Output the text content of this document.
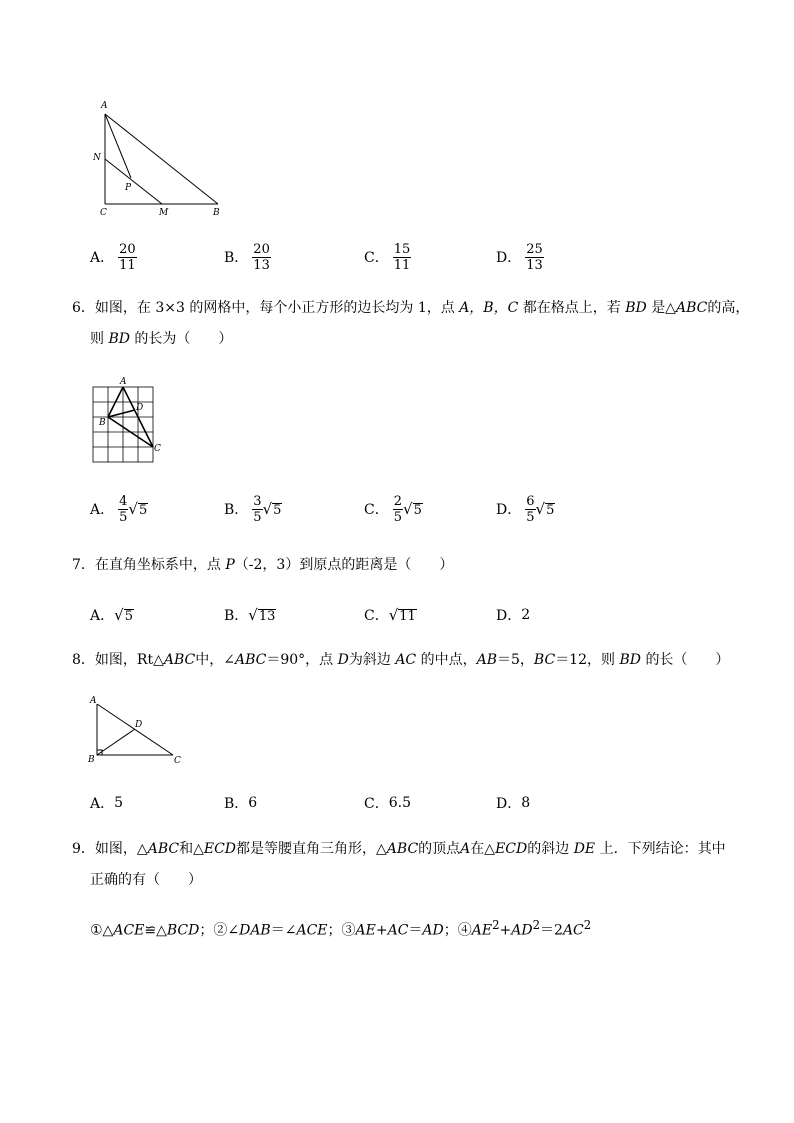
A
N
P
C	M	B
A． $\frac{20}{11}$	B． $\frac{20}{13}$	C． $\frac{15}{11}$	D． $\frac{25}{13}$
6．如图，在 3×3 的网格中，每个小正方形的边长均为 1，点 A，B，C 都在格点上，若 BD 是△ABC的高，
则 BD 的长为（　　）
A
B
C
D
A． $\frac{4}{5}$ √ 5	B． $\frac{3}{5}$ √ 5	C． $\frac{2}{5}$ √ 5	D． $\frac{6}{5}$ √ 5
7．在直角坐标系中，点 P（-2，3）到原点的距离是（　　）
A． √ 5	B． √ 13	C． √ 11	D． 2
8．如图，Rt△ABC中，∠ABC＝90°，点 D为斜边 AC 的中点，AB＝5，BC＝12，则 BD 的长（　　）
A
B	C
D
A． 5	B． 6	C． 6.5	D． 8
9．如图，△ABC和△ECD都是等腰直角三角形，△ABC的顶点A在△ECD的斜边 DE 上．下列结论：其中
正确的有（　　）
①△ACE≌△BCD；②∠DAB＝∠ACE；③AE+AC＝AD；$④AE^2+AD^2=2AC^2$
